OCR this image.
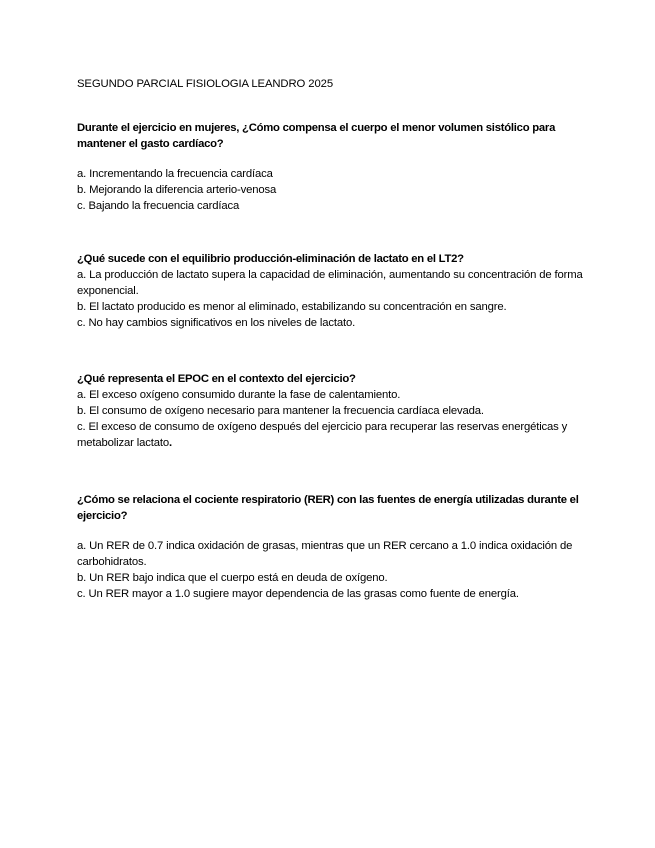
SEGUNDO PARCIAL FISIOLOGIA LEANDRO 2025

Durante el ejercicio en mujeres, ¿Cómo compensa el cuerpo el menor volumen sistólico para mantener el gasto cardíaco?

a. Incrementando la frecuencia cardíaca
b. Mejorando la diferencia arterio-venosa
c. Bajando la frecuencia cardíaca

¿Qué sucede con el equilibrio producción-eliminación de lactato en el LT2?

a. La producción de lactato supera la capacidad de eliminación, aumentando su concentración de forma exponencial.
b. El lactato producido es menor al eliminado, estabilizando su concentración en sangre.
c. No hay cambios significativos en los niveles de lactato.

¿Qué representa el EPOC en el contexto del ejercicio?

a. El exceso oxígeno consumido durante la fase de calentamiento.
b. El consumo de oxígeno necesario para mantener la frecuencia cardíaca elevada.
c. El exceso de consumo de oxígeno después del ejercicio para recuperar las reservas energéticas y metabolizar lactato.

¿Cómo se relaciona el cociente respiratorio (RER) con las fuentes de energía utilizadas durante el ejercicio?

a. Un RER de 0.7 indica oxidación de grasas, mientras que un RER cercano a 1.0 indica oxidación de carbohidratos.
b. Un RER bajo indica que el cuerpo está en deuda de oxígeno.
c. Un RER mayor a 1.0 sugiere mayor dependencia de las grasas como fuente de energía.
